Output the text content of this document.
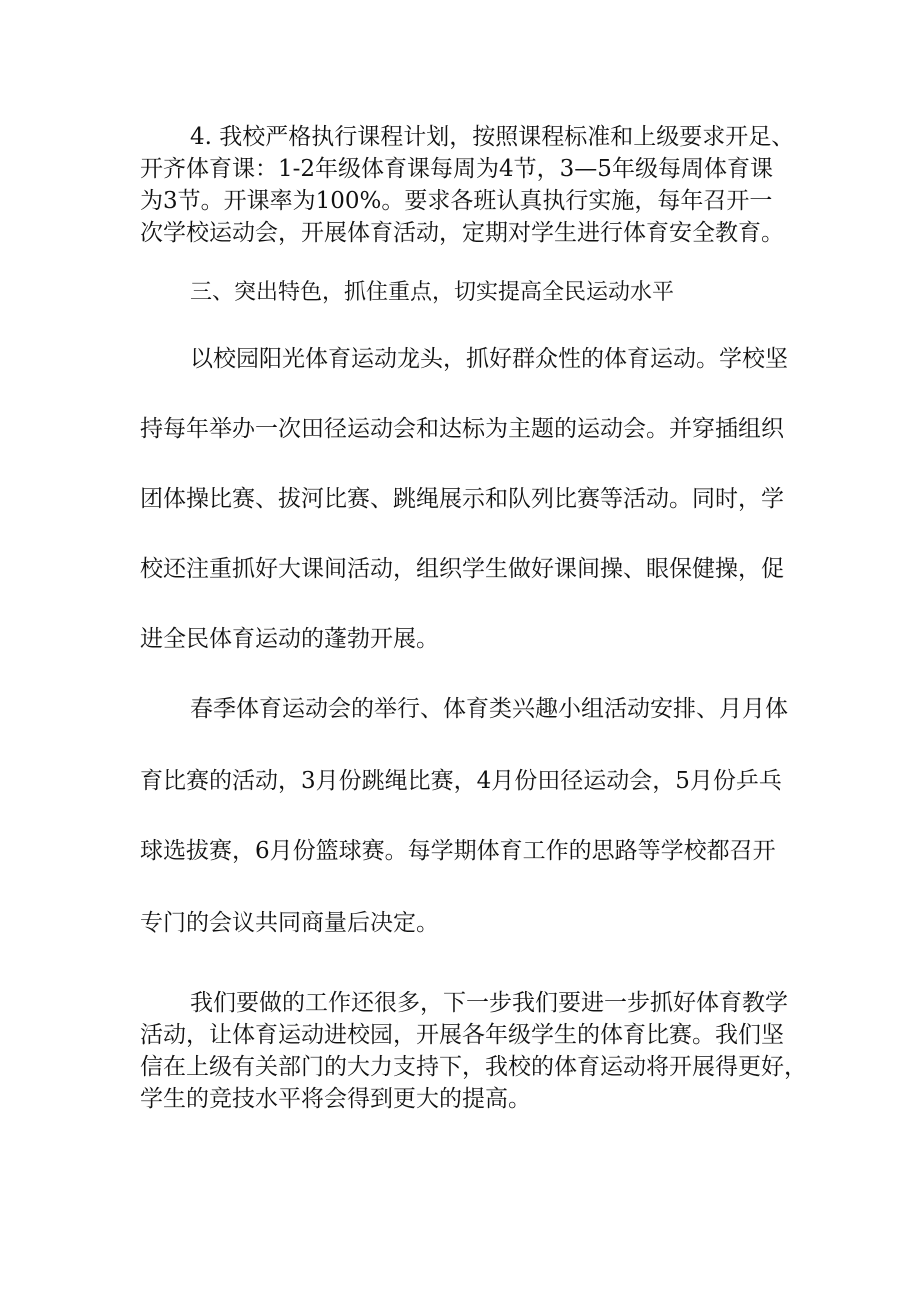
4. 我校严格执行课程计划，按照课程标准和上级要求开足、
开齐体育课：1-2年级体育课每周为4节，3—5年级每周体育课
为3节。开课率为100%。要求各班认真执行实施，每年召开一
次学校运动会，开展体育活动，定期对学生进行体育安全教育。
三、突出特色，抓住重点，切实提高全民运动水平
以校园阳光体育运动龙头，抓好群众性的体育运动。学校坚
持每年举办一次田径运动会和达标为主题的运动会。并穿插组织
团体操比赛、拔河比赛、跳绳展示和队列比赛等活动。同时，学
校还注重抓好大课间活动，组织学生做好课间操、眼保健操，促
进全民体育运动的蓬勃开展。
春季体育运动会的举行、体育类兴趣小组活动安排、月月体
育比赛的活动，3月份跳绳比赛，4月份田径运动会，5月份乒乓
球选拔赛，6月份篮球赛。每学期体育工作的思路等学校都召开
专门的会议共同商量后决定。
我们要做的工作还很多，下一步我们要进一步抓好体育教学
活动，让体育运动进校园，开展各年级学生的体育比赛。我们坚
信在上级有关部门的大力支持下，我校的体育运动将开展得更好，
学生的竞技水平将会得到更大的提高。
